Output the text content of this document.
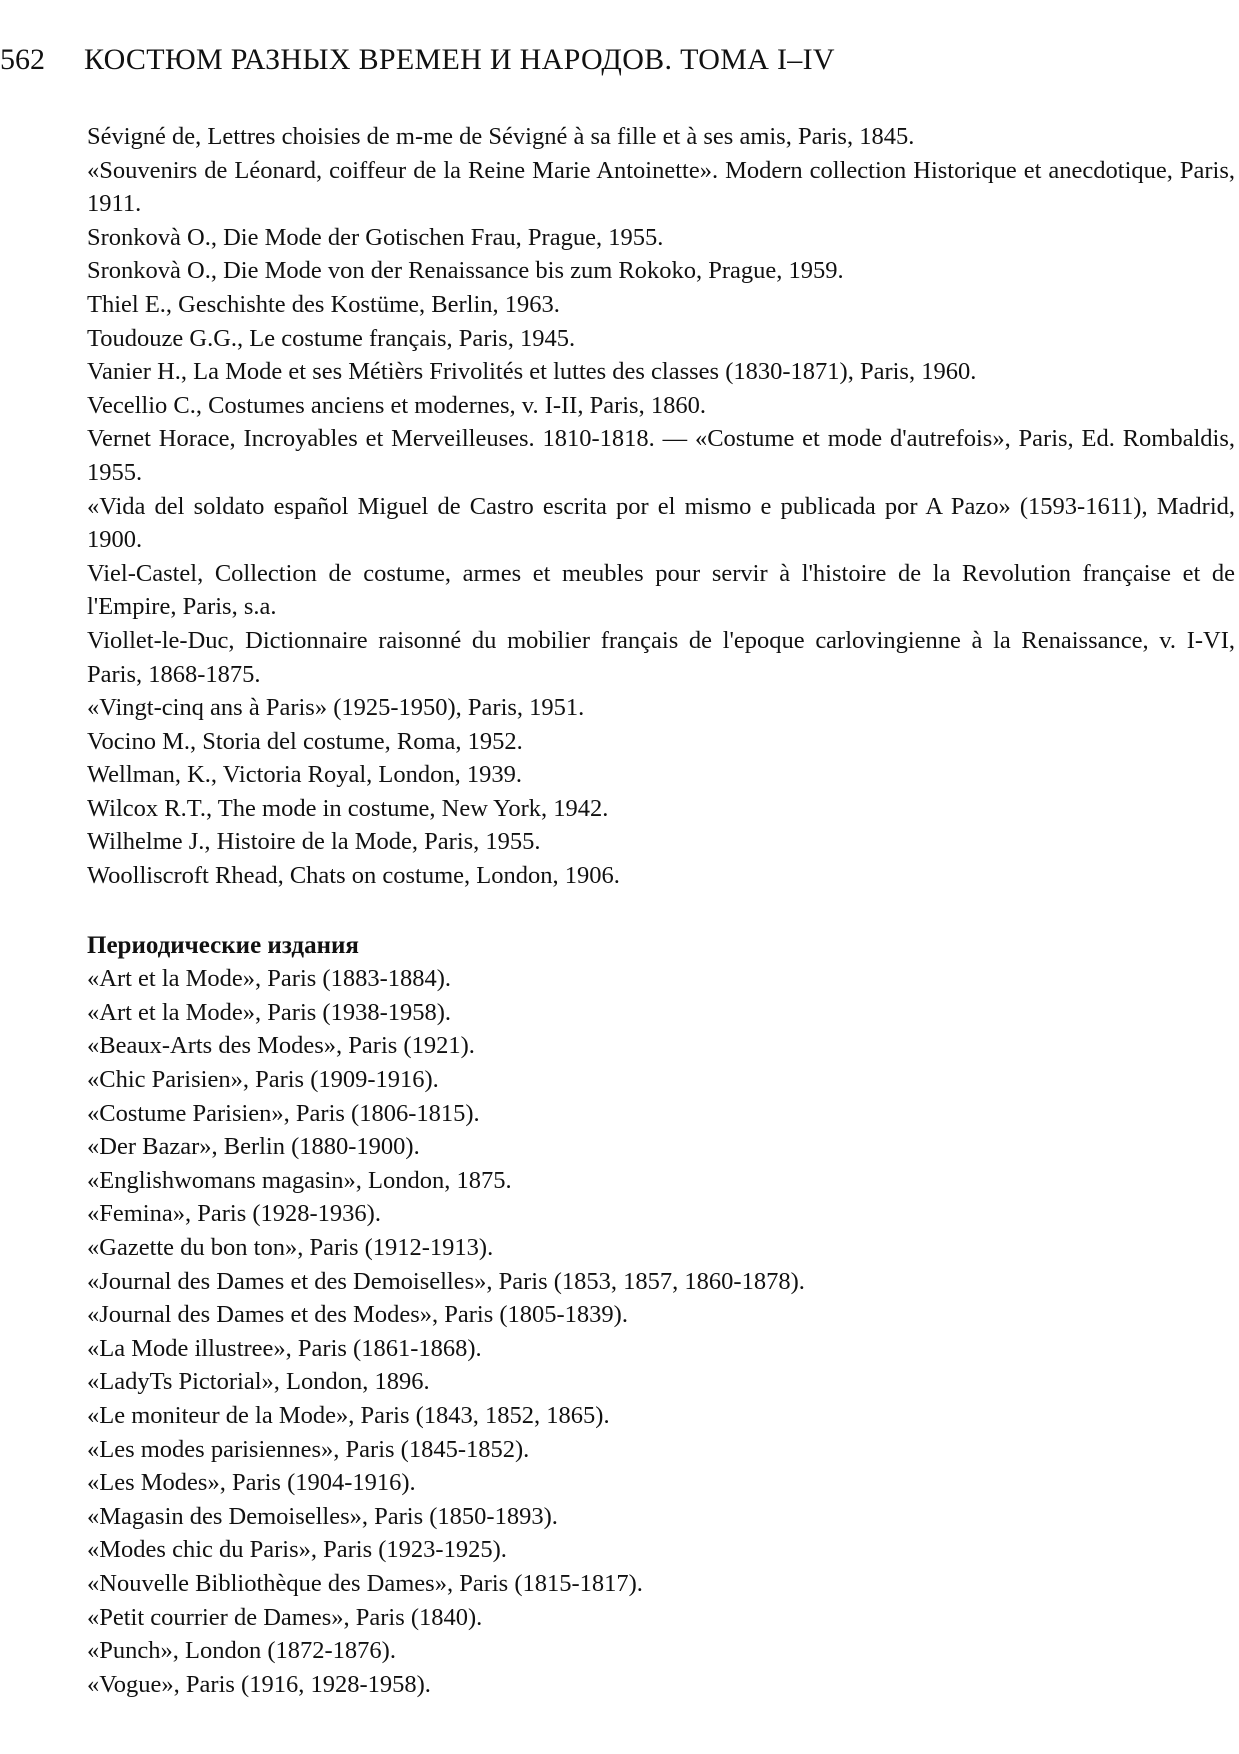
562 КОСТЮМ РАЗНЫХ ВРЕМЕН И НАРОДОВ. ТОМА I–IV
Sévigné de, Lettres choisies de m-me de Sévigné à sa fille et à ses amis, Paris, 1845.
«Souvenirs de Léonard, coiffeur de la Reine Marie Antoinette». Modern collection Historique et anecdotique, Paris, 1911.
Sronkovà O., Die Mode der Gotischen Frau, Prague, 1955.
Sronkovà O., Die Mode von der Renaissance bis zum Rokoko, Prague, 1959.
Thiel E., Geschishte des Kostüme, Berlin, 1963.
Toudouze G.G., Le costume français, Paris, 1945.
Vanier H., La Mode et ses Métièrs Frivolités et luttes des classes (1830-1871), Paris, 1960.
Vecellio C., Costumes anciens et modernes, v. I-II, Paris, 1860.
Vernet Horace, Incroyables et Merveilleuses. 1810-1818. — «Costume et mode d'autrefois», Paris, Ed. Rombaldis, 1955.
«Vida del soldato español Miguel de Castro escrita por el mismo e publicada por A Pazo» (1593-1611), Madrid, 1900.
Viel-Castel, Collection de costume, armes et meubles pour servir à l'histoire de la Revolution française et de l'Empire, Paris, s.a.
Viollet-le-Duc, Dictionnaire raisonné du mobilier français de l'epoque carlovingienne à la Renaissance, v. I-VI, Paris, 1868-1875.
«Vingt-cinq ans à Paris» (1925-1950), Paris, 1951.
Vocino M., Storia del costume, Roma, 1952.
Wellman, K., Victoria Royal, London, 1939.
Wilcox R.T., The mode in costume, New York, 1942.
Wilhelme J., Histoire de la Mode, Paris, 1955.
Woolliscroft Rhead, Chats on costume, London, 1906.
Периодические издания
«Art et la Mode», Paris (1883-1884).
«Art et la Mode», Paris (1938-1958).
«Beaux-Arts des Modes», Paris (1921).
«Chic Parisien», Paris (1909-1916).
«Costume Parisien», Paris (1806-1815).
«Der Bazar», Berlin (1880-1900).
«Englishwomans magasin», London, 1875.
«Femina», Paris (1928-1936).
«Gazette du bon ton», Paris (1912-1913).
«Journal des Dames et des Demoiselles», Paris (1853, 1857, 1860-1878).
«Journal des Dames et des Modes», Paris (1805-1839).
«La Mode illustree», Paris (1861-1868).
«LadyTs Pictorial», London, 1896.
«Le moniteur de la Mode», Paris (1843, 1852, 1865).
«Les modes parisiennes», Paris (1845-1852).
«Les Modes», Paris (1904-1916).
«Magasin des Demoiselles», Paris (1850-1893).
«Modes chic du Paris», Paris (1923-1925).
«Nouvelle Bibliothèque des Dames», Paris (1815-1817).
«Petit courrier de Dames», Paris (1840).
«Punch», London (1872-1876).
«Vogue», Paris (1916, 1928-1958).
